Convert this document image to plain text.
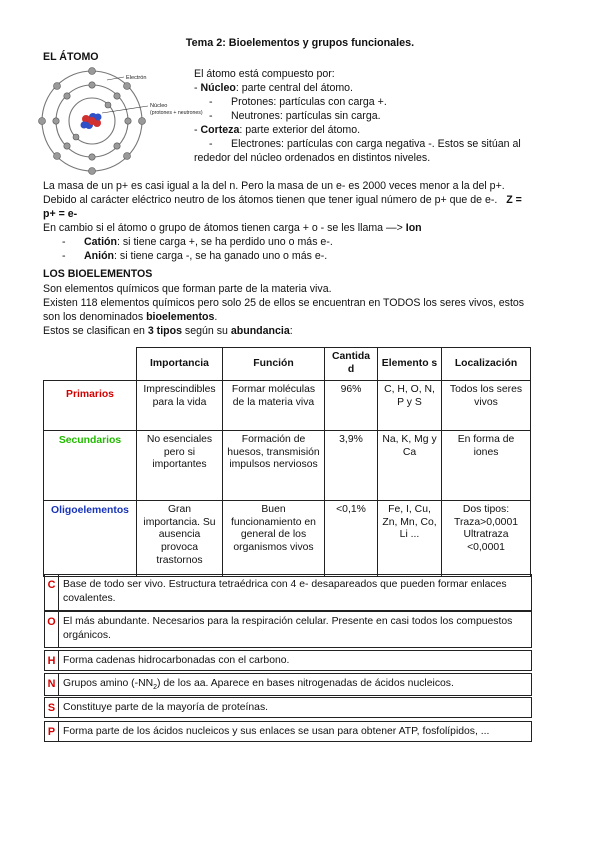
Tema 2: Bioelementos y grupos funcionales.
EL ÁTOMO
Electrón
Núcleo
(protones + neutrones)
El átomo está compuesto por:
- Núcleo: parte central del átomo.
- Protones: partículas con carga +.
- Neutrones: partículas sin carga.
- Corteza: parte exterior del átomo.
- Electrones: partículas con carga negativa -. Estos se sitúan al
rededor del núcleo ordenados en distintos niveles.
La masa de un p+ es casi igual a la del n. Pero la masa de un e- es 2000 veces menor a la del p+.
Debido al carácter eléctrico neutro de los átomos tienen que tener igual número de p+ que de e-. Z =
p+ = e-
En cambio si el átomo o grupo de átomos tienen carga + o - se les llama —> Ion
- Catión: si tiene carga +, se ha perdido uno o más e-.
- Anión: si tiene carga -, se ha ganado uno o más e-.
LOS BIOELEMENTOS
Son elementos químicos que forman parte de la materia viva.
Existen 118 elementos químicos pero solo 25 de ellos se encuentran en TODOS los seres vivos, estos
son los denominados bioelementos.
Estos se clasifican en 3 tipos según su abundancia:
	Importancia	Función	Cantida d	Elemento s	Localización
Primarios	Imprescindibles para la vida	Formar moléculas de la materia viva	96%	C, H, O, N, P y S	Todos los seres vivos
Secundarios	No esenciales pero si importantes	Formación de huesos, transmisión impulsos nerviosos	3,9%	Na, K, Mg y Ca	En forma de iones
Oligoelementos	Gran importancia. Su ausencia provoca trastornos	Buen funcionamiento en general de los organismos vivos	<0,1%	Fe, I, Cu, Zn, Mn, Co, Li ...	Dos tipos: Traza>0,0001 Ultratraza <0,0001
C Base de todo ser vivo. Estructura tetraédrica con 4 e- desapareados que pueden formar enlaces covalentes.
O El más abundante. Necesarios para la respiración celular. Presente en casi todos los compuestos orgánicos.
H Forma cadenas hidrocarbonadas con el carbono.
N Grupos amino $(-NN_2)$ de los aa. Aparece en bases nitrogenadas de ácidos nucleicos.
S Constituye parte de la mayoría de proteínas.
P Forma parte de los ácidos nucleicos y sus enlaces se usan para obtener ATP, fosfolípidos, ...
